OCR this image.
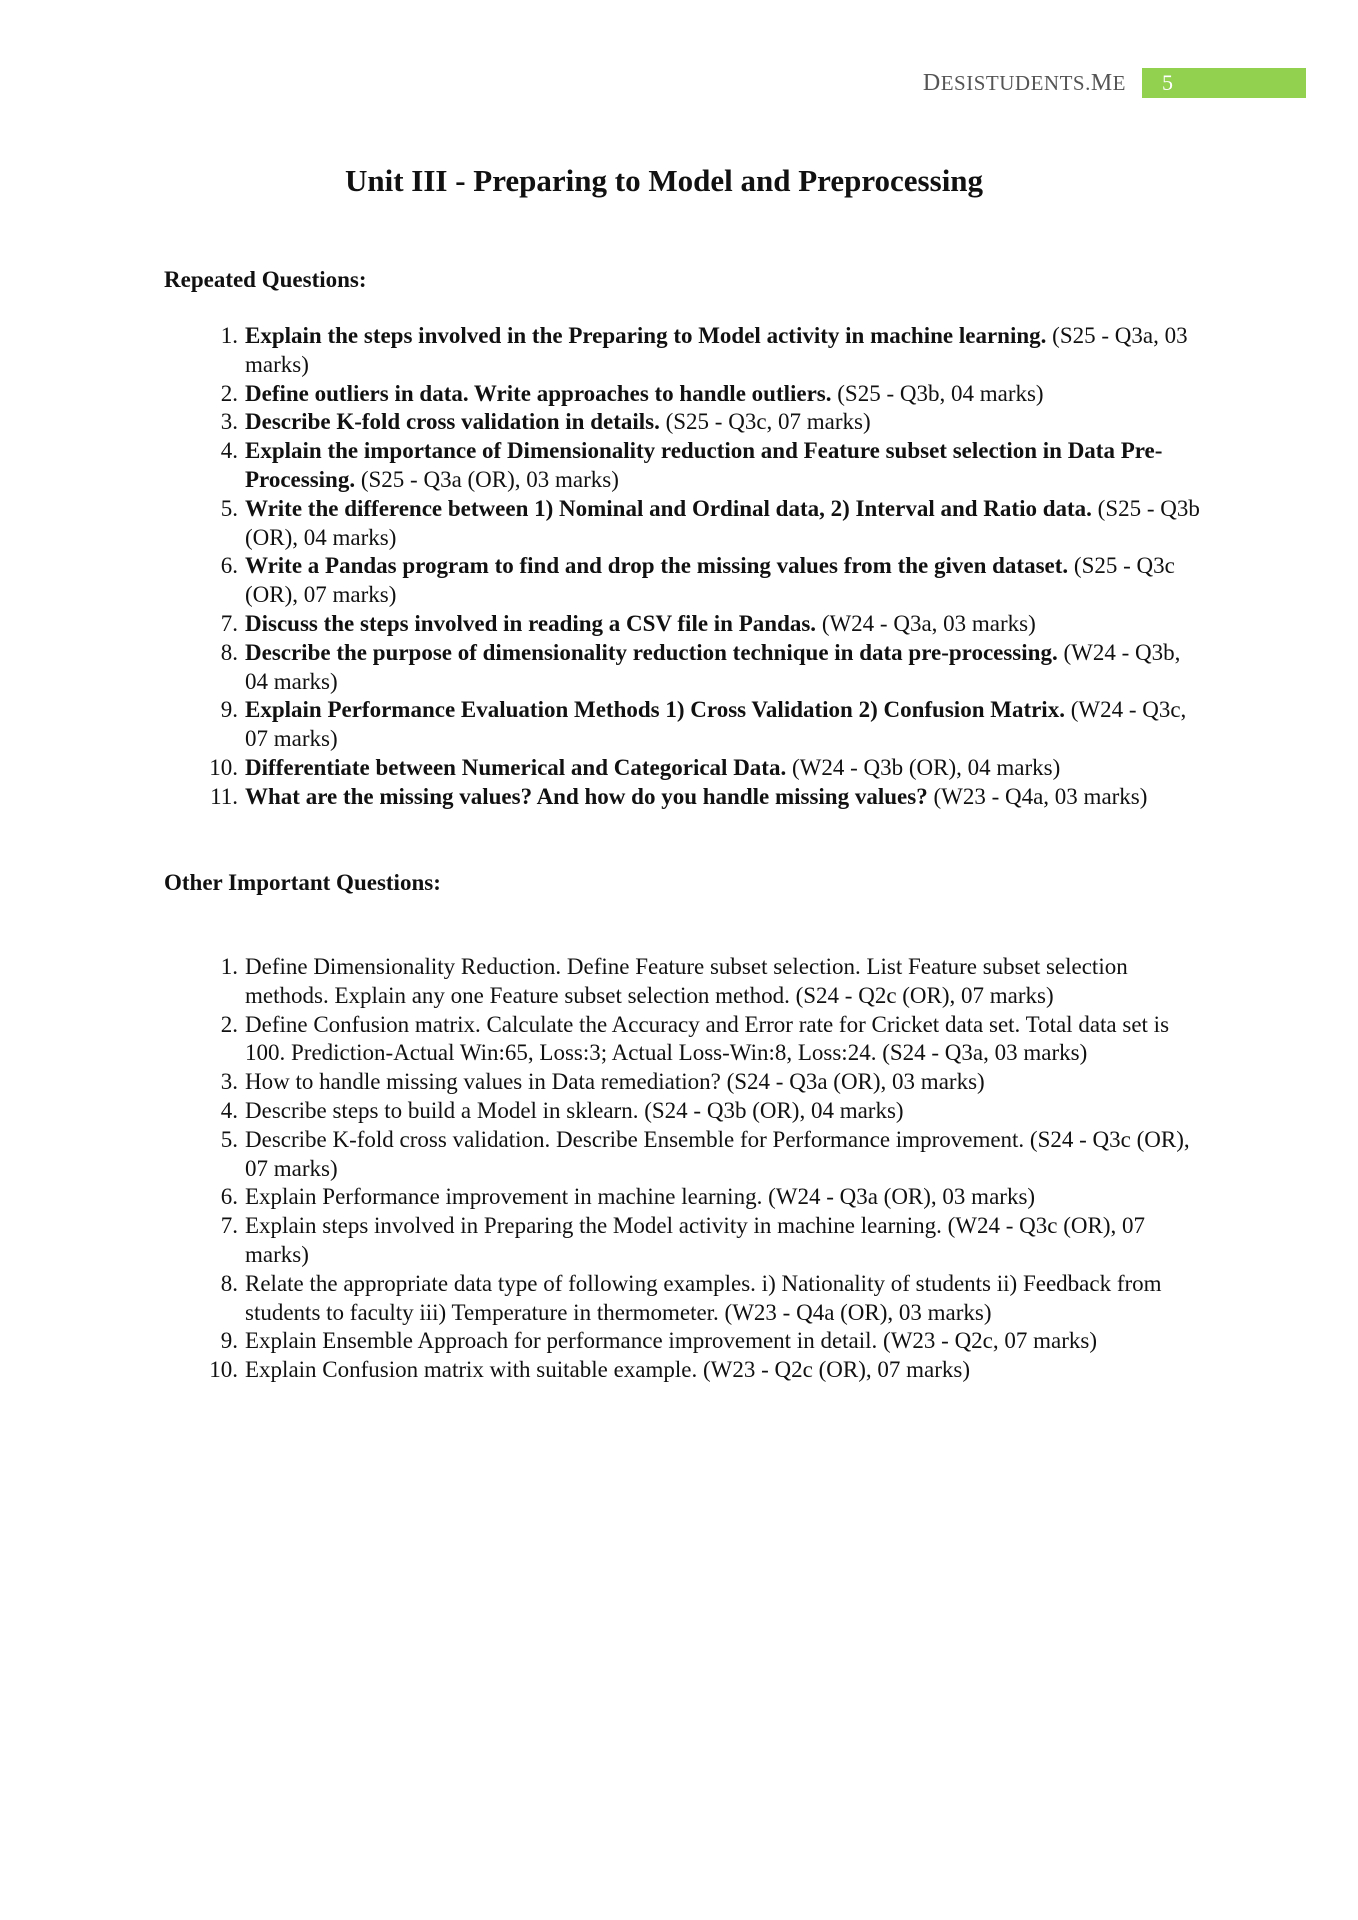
DESISTUDENTS.ME	5
Unit III - Preparing to Model and Preprocessing
Repeated Questions:
1. Explain the steps involved in the Preparing to Model activity in machine learning. (S25 - Q3a, 03 marks)
2. Define outliers in data. Write approaches to handle outliers. (S25 - Q3b, 04 marks)
3. Describe K-fold cross validation in details. (S25 - Q3c, 07 marks)
4. Explain the importance of Dimensionality reduction and Feature subset selection in Data Pre-Processing. (S25 - Q3a (OR), 03 marks)
5. Write the difference between 1) Nominal and Ordinal data, 2) Interval and Ratio data. (S25 - Q3b (OR), 04 marks)
6. Write a Pandas program to find and drop the missing values from the given dataset. (S25 - Q3c (OR), 07 marks)
7. Discuss the steps involved in reading a CSV file in Pandas. (W24 - Q3a, 03 marks)
8. Describe the purpose of dimensionality reduction technique in data pre-processing. (W24 - Q3b, 04 marks)
9. Explain Performance Evaluation Methods 1) Cross Validation 2) Confusion Matrix. (W24 - Q3c, 07 marks)
10. Differentiate between Numerical and Categorical Data. (W24 - Q3b (OR), 04 marks)
11. What are the missing values? And how do you handle missing values? (W23 - Q4a, 03 marks)
Other Important Questions:
1. Define Dimensionality Reduction. Define Feature subset selection. List Feature subset selection methods. Explain any one Feature subset selection method. (S24 - Q2c (OR), 07 marks)
2. Define Confusion matrix. Calculate the Accuracy and Error rate for Cricket data set. Total data set is 100. Prediction-Actual Win:65, Loss:3; Actual Loss-Win:8, Loss:24. (S24 - Q3a, 03 marks)
3. How to handle missing values in Data remediation? (S24 - Q3a (OR), 03 marks)
4. Describe steps to build a Model in sklearn. (S24 - Q3b (OR), 04 marks)
5. Describe K-fold cross validation. Describe Ensemble for Performance improvement. (S24 - Q3c (OR), 07 marks)
6. Explain Performance improvement in machine learning. (W24 - Q3a (OR), 03 marks)
7. Explain steps involved in Preparing the Model activity in machine learning. (W24 - Q3c (OR), 07 marks)
8. Relate the appropriate data type of following examples. i) Nationality of students ii) Feedback from students to faculty iii) Temperature in thermometer. (W23 - Q4a (OR), 03 marks)
9. Explain Ensemble Approach for performance improvement in detail. (W23 - Q2c, 07 marks)
10. Explain Confusion matrix with suitable example. (W23 - Q2c (OR), 07 marks)
